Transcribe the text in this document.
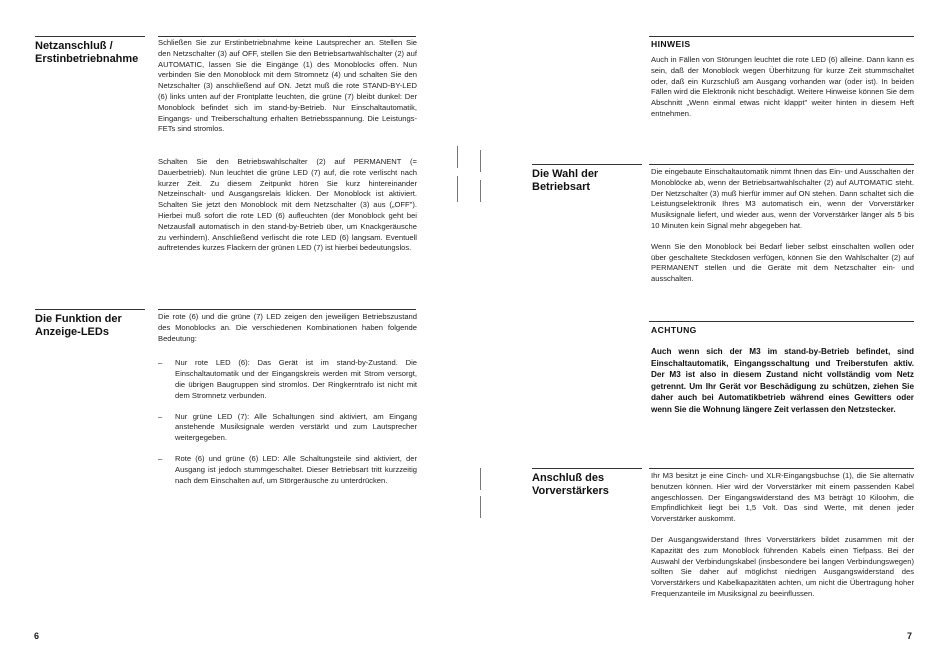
Netzanschluß /
Erstinbetriebnahme

Schließen Sie zur Erstinbetriebnahme keine Lautsprecher an. Stellen Sie den Netzschalter (3) auf OFF, stellen Sie den Betriebsartwahlschalter (2) auf AUTOMATIC, lassen Sie die Eingänge (1) des Monoblocks offen. Nun verbinden Sie den Monoblock mit dem Stromnetz (4) und schalten Sie den Netzschalter (3) anschließend auf ON. Jetzt muß die rote STAND-BY-LED (6) links unten auf der Frontplatte leuchten, die grüne (7) bleibt dunkel: Der Monoblock befindet sich im stand-by-Betrieb. Nur Einschaltautomatik, Eingangs- und Treiberschaltung erhalten Betriebsspannung. Die Leistungs-FETs sind stromlos.

Schalten Sie den Betriebswahlschalter (2) auf PERMANENT (= Dauerbetrieb). Nun leuchtet die grüne LED (7) auf, die rote verlischt nach kurzer Zeit. Zu diesem Zeitpunkt hören Sie kurz hintereinander Netzeinschalt- und Ausgangsrelais klicken. Der Monoblock ist aktiviert. Schalten Sie jetzt den Monoblock mit dem Netzschalter (3) aus („OFF"). Hierbei muß sofort die rote LED (6) aufleuchten (der Monoblock geht bei Netzausfall automatisch in den stand-by-Betrieb über, um Knackgeräusche zu verhindern). Anschließend verlischt die rote LED (6) langsam. Eventuell auftretendes kurzes Flackern der grünen LED (7) ist hierbei bedeutungslos.

Die Funktion der
Anzeige-LEDs

Die rote (6) und die grüne (7) LED zeigen den jeweiligen Betriebszustand des Monoblocks an. Die verschiedenen Kombinationen haben folgende Bedeutung:

– Nur rote LED (6): Das Gerät ist im stand-by-Zustand. Die Einschaltautomatik und der Eingangskreis werden mit Strom versorgt, die übrigen Baugruppen sind stromlos. Der Ringkerntrafo ist nicht mit dem Stromnetz verbunden.
– Nur grüne LED (7): Alle Schaltungen sind aktiviert, am Eingang anstehende Musiksignale werden verstärkt und zum Lautsprecher weitergegeben.
– Rote (6) und grüne (6) LED: Alle Schaltungsteile sind aktiviert, der Ausgang ist jedoch stummgeschaltet. Dieser Betriebsart tritt kurzzeitig nach dem Einschalten auf, um Störgeräusche zu unterdrücken.
6
HINWEIS

Auch in Fällen von Störungen leuchtet die rote LED (6) alleine. Dann kann es sein, daß der Monoblock wegen Überhitzung für kurze Zeit stummschaltet oder, daß ein Kurzschluß am Ausgang vorhanden war (oder ist). In beiden Fällen wird die Elektronik nicht beschädigt. Weitere Hinweise können Sie dem Abschnitt „Wenn einmal etwas nicht klappt" weiter hinten in diesem Heft entnehmen.

Die Wahl der
Betriebsart

Die eingebaute Einschaltautomatik nimmt Ihnen das Ein- und Ausschalten der Monoblöcke ab, wenn der Betriebsartwahlschalter (2) auf AUTOMATIC steht. Der Netzschalter (3) muß hierfür immer auf ON stehen. Dann schaltet sich die Leistungselektronik Ihres M3 automatisch ein, wenn der Vorverstärker Musiksignale liefert, und wieder aus, wenn der Vorverstärker länger als 5 bis 10 Minuten kein Signal mehr abgegeben hat.

Wenn Sie den Monoblock bei Bedarf lieber selbst einschalten wollen oder über geschaltete Steckdosen verfügen, können Sie den Wahlschalter (2) auf PERMANENT stellen und die Geräte mit dem Netzschalter ein- und ausschalten.

ACHTUNG

Auch wenn sich der M3 im stand-by-Betrieb befindet, sind Einschaltautomatik, Eingangsschaltung und Treiberstufen aktiv. Der M3 ist also in diesem Zustand nicht vollständig vom Netz getrennt. Um Ihr Gerät vor Beschädigung zu schützen, ziehen Sie daher auch bei Automatikbetrieb während eines Gewitters oder wenn Sie die Wohnung längere Zeit verlassen den Netzstecker.

Anschluß des
Vorverstärkers

Ihr M3 besitzt je eine Cinch- und XLR-Eingangsbuchse (1), die Sie alternativ benutzen können. Hier wird der Vorverstärker mit einem passenden Kabel angeschlossen. Der Eingangswiderstand des M3 beträgt 10 Kiloohm, die Empfindlichkeit liegt bei 1,5 Volt. Das sind Werte, mit denen jeder Vorverstärker auskommt.

Der Ausgangswiderstand Ihres Vorverstärkers bildet zusammen mit der Kapazität des zum Monoblock führenden Kabels einen Tiefpass. Bei der Auswahl der Verbindungskabel (insbesondere bei langen Verbindungswegen) sollten Sie daher auf möglichst niedrigen Ausgangswiderstand des Vorverstärkers und Kabelkapazitäten achten, um nicht die Übertragung hoher Frequenzanteile im Musiksignal zu beeinflussen.

7
